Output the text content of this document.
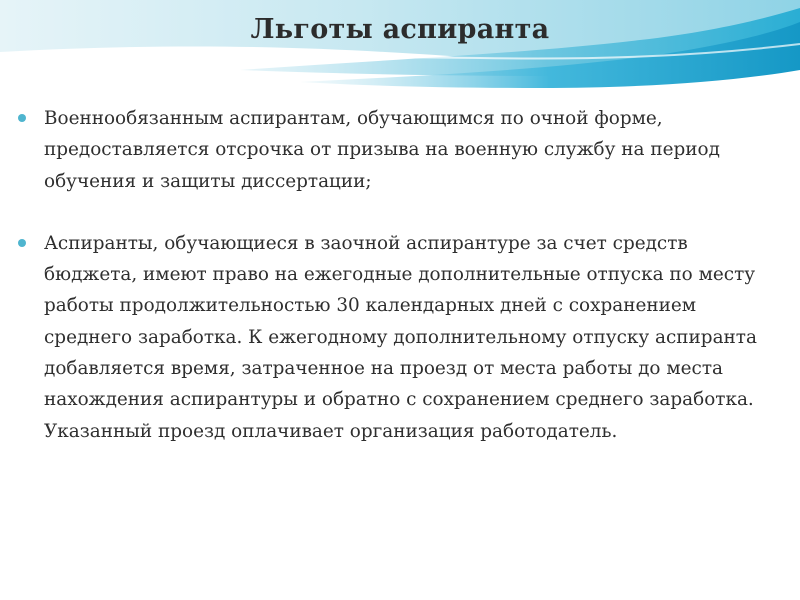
Льготы аспиранта
Военнообязанным аспирантам, обучающимся по очной форме, предоставляется отсрочка от призыва на военную службу на период обучения и защиты диссертации;
Аспиранты, обучающиеся в заочной аспирантуре за счет средств бюджета, имеют право на ежегодные дополнительные отпуска по месту работы продолжительностью 30 календарных дней с сохранением среднего заработка. К ежегодному дополнительному отпуску аспиранта добавляется время, затраченное на проезд от места работы до места нахождения аспирантуры и обратно с сохранением среднего заработка. Указанный проезд оплачивает организация работодатель.
